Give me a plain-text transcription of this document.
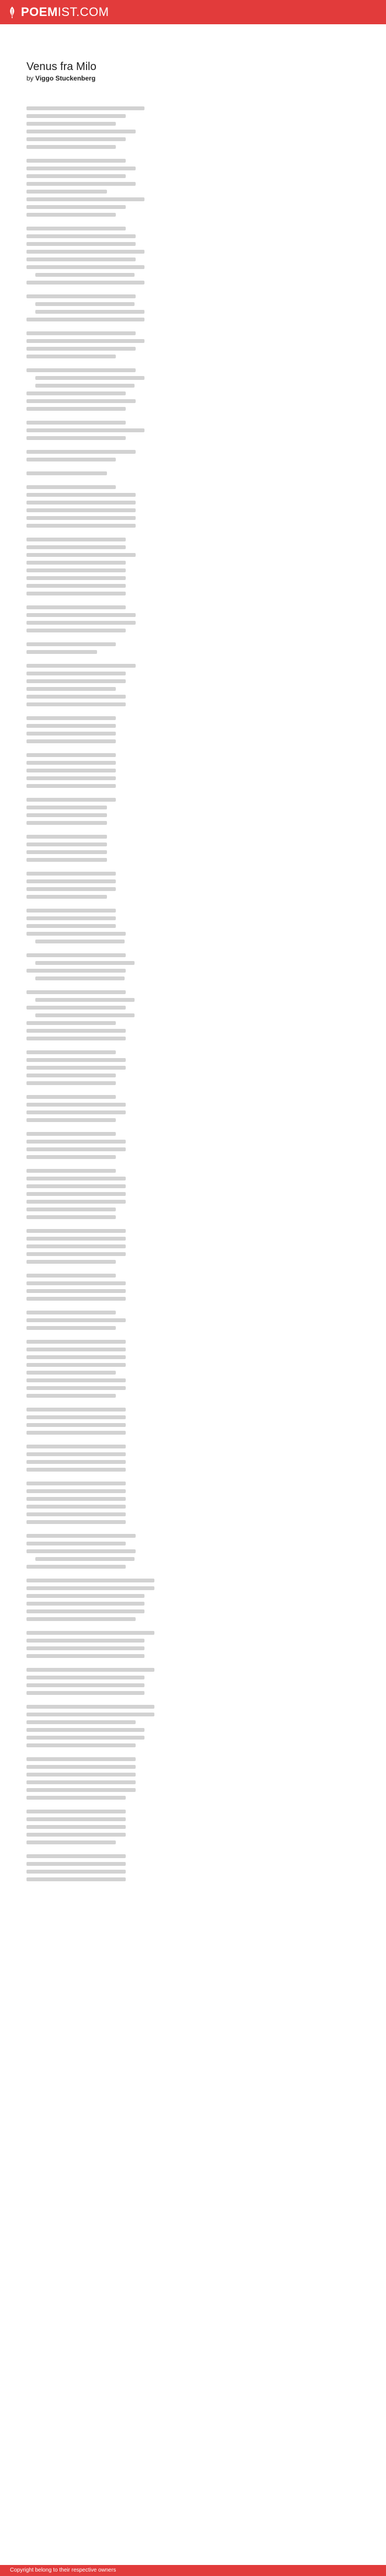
POEM IST.COM
Venus fra Milo
by Viggo Stuckenberg
Copyright belong to their respective owners
